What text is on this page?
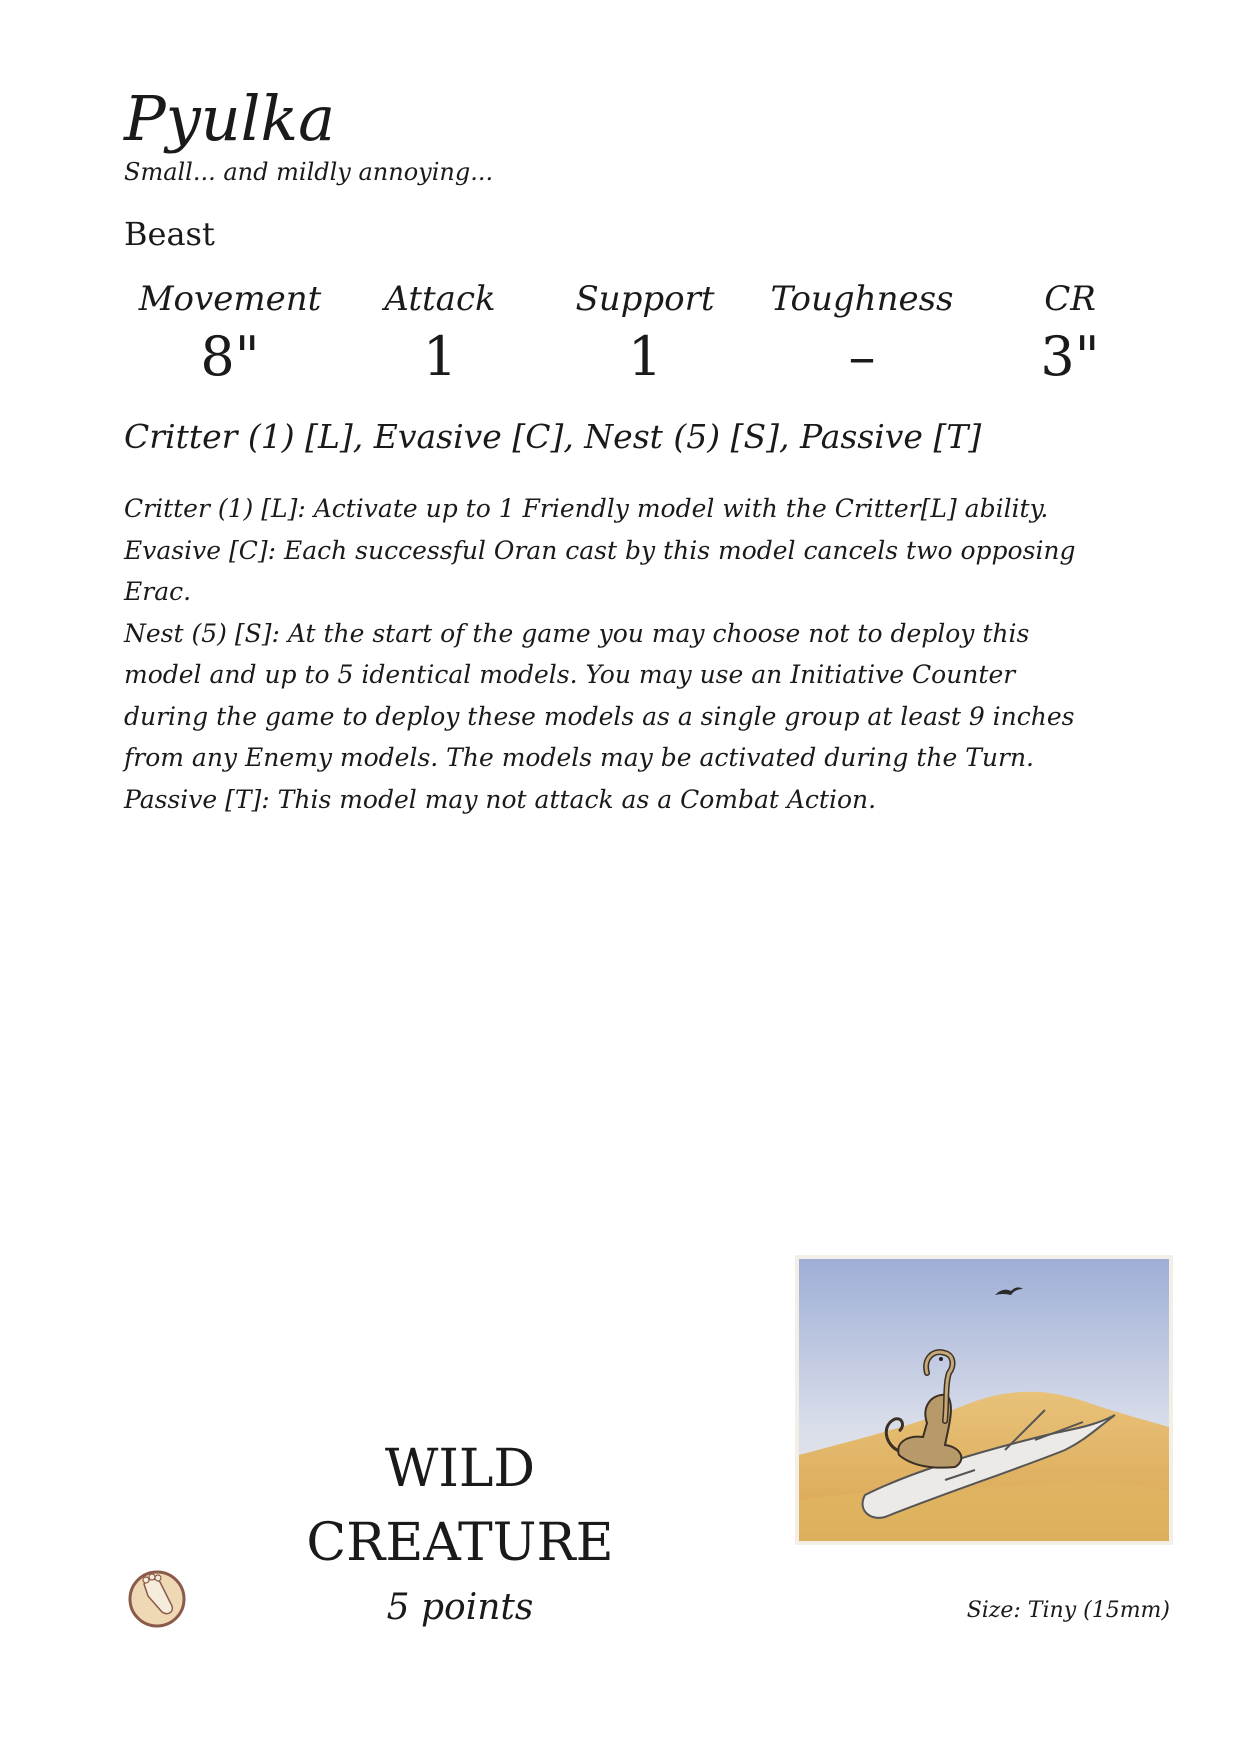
Pyulka
Small... and mildly annoying...
Beast
Movement	Attack	Support	Toughness	CR
8"	1	1	–	3"
Critter (1) [L], Evasive [C], Nest (5) [S], Passive [T]

Critter (1) [L]: Activate up to 1 Friendly model with the Critter[L] ability.

Evasive [C]: Each successful Oran cast by this model cancels two opposing Erac.

Nest (5) [S]: At the start of the game you may choose not to deploy this model and up to 5 identical models. You may use an Initiative Counter during the game to deploy these models as a single group at least 9 inches from any Enemy models. The models may be activated during the Turn.

Passive [T]: This model may not attack as a Combat Action.

WILD
CREATURE
5 points	Size: Tiny (15mm)
